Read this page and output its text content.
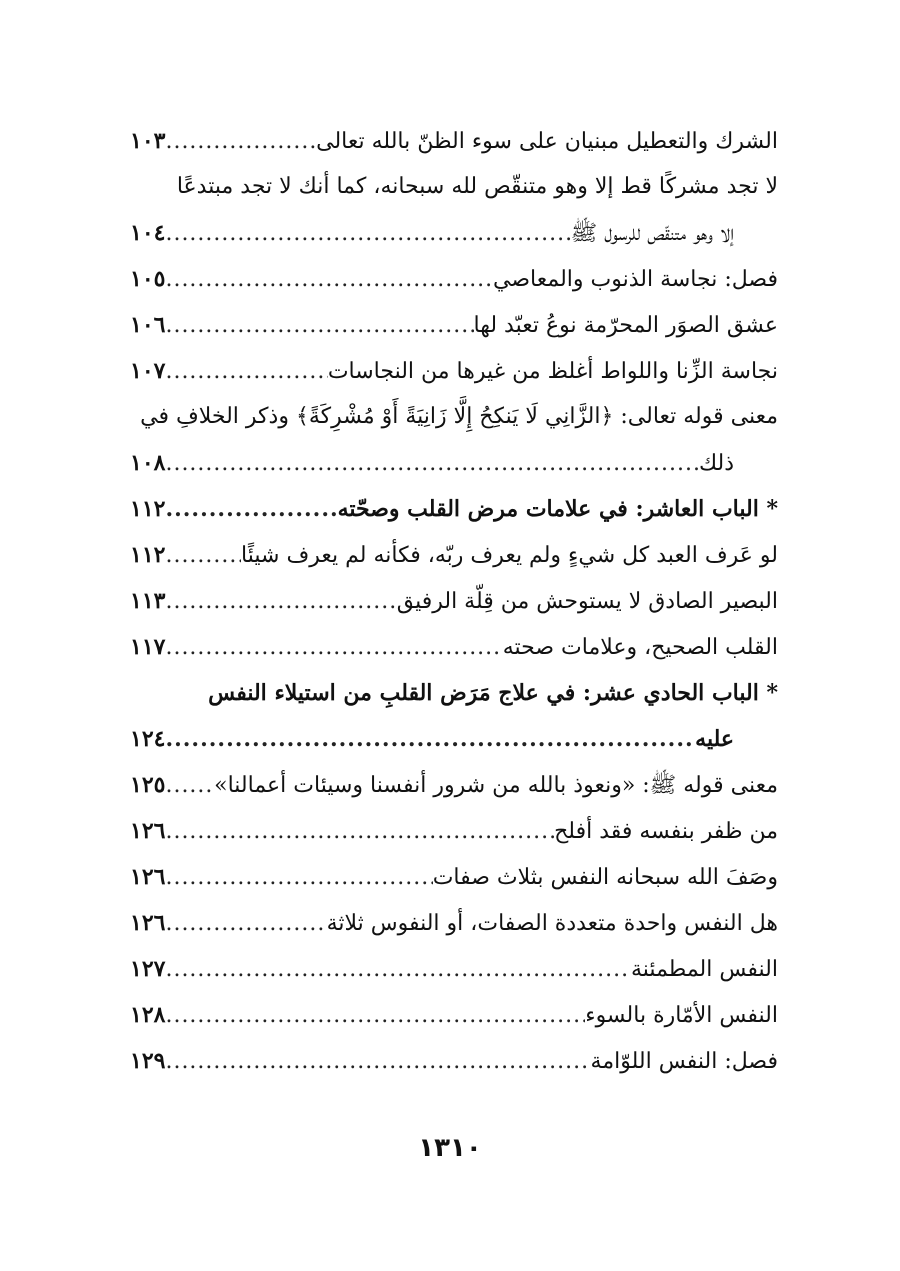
الشرك والتعطيل مبنيان على سوء الظنّ بالله تعالى
.....
١٠٣
لا تجد مشركًا قط إلا وهو متنقّص لله سبحانه، كما أنك لا تجد مبتدعًا
إلا وهو متنقّص للرسول ﷺ
.....
١٠٤
فصل: نجاسة الذنوب والمعاصي
.....
١٠٥
عشق الصوَر المحرّمة نوعُ تعبّد لها
.....
١٠٦
نجاسة الزِّنا واللواط أغلظ من غيرها من النجاسات
.....
١٠٧
معنى قوله تعالى: ﴿الزَّانِي لَا يَنكِحُ إِلَّا زَانِيَةً أَوْ مُشْرِكَةً﴾ وذكر الخلافِ في
ذلك
.....
١٠٨
* الباب العاشر: في علامات مرض القلب وصحّته
.....
١١٢
لو عَرف العبد كل شيءٍ ولم يعرف ربّه، فكأنه لم يعرف شيئًا
.....
١١٢
البصير الصادق لا يستوحش من قِلّة الرفيق
.....
١١٣
القلب الصحيح، وعلامات صحته
.....
١١٧
* الباب الحادي عشر: في علاج مَرَض القلبِ من استيلاء النفس
عليه
.....
١٢٤
معنى قوله ﷺ: «ونعوذ بالله من شرور أنفسنا وسيئات أعمالنا»
.....
١٢٥
من ظفر بنفسه فقد أفلح
.....
١٢٦
وصَفَ الله سبحانه النفس بثلاث صفات
.....
١٢٦
هل النفس واحدة متعددة الصفات، أو النفوس ثلاثة
.....
١٢٦
النفس المطمئنة
.....
١٢٧
النفس الأمّارة بالسوء
.....
١٢٨
فصل: النفس اللوّامة
.....
١٢٩
١٣١٠
